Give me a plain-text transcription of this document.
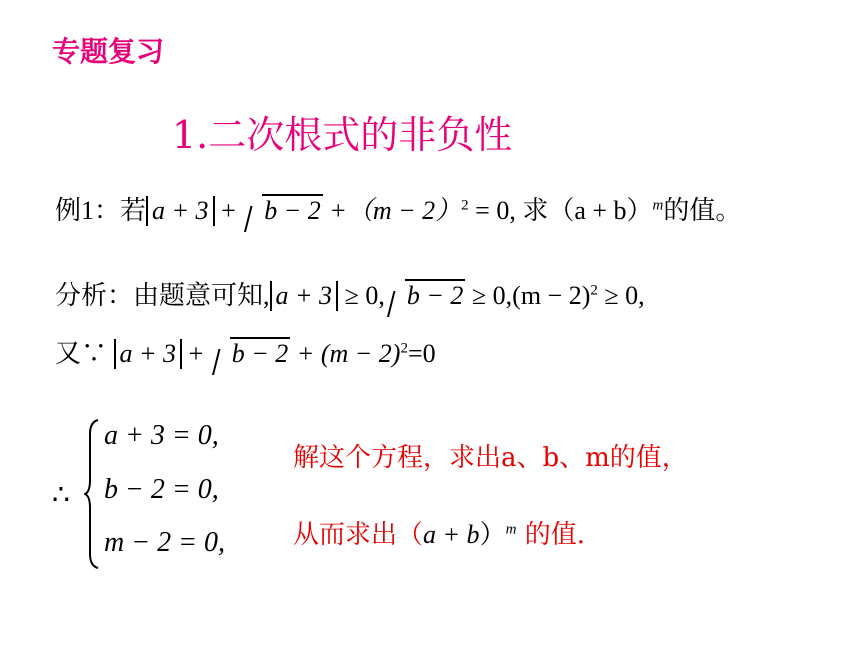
专题复习
1.二次根式的非负性
例1：若 $a + 3 + b - 2 +(m - 2)^2 = 0$, 求$(a + b)^m$的值。
分析：由题意可知, a + 3 ≥ 0, $b - 2 \ge 0,(m - 2)^2 \ge 0$,
又∵ $a + 3 + b - 2 + (m - 2)^2=0$
∴
a + 3 = 0,
b − 2 = 0,
m − 2 = 0,
解这个方程，求出a、b、m的值，
从而求出$(a + b)^m$ 的值.
